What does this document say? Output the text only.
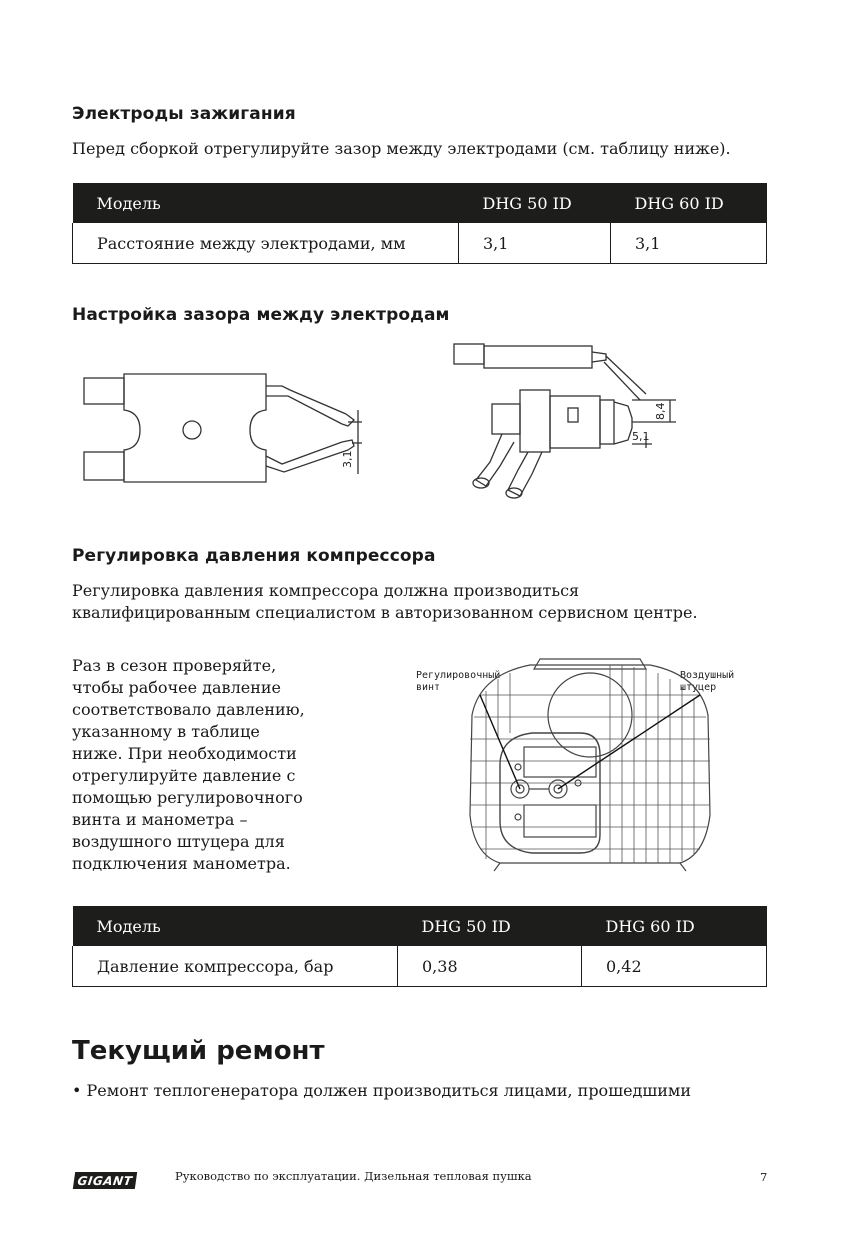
Электроды зажигания
Перед сборкой отрегулируйте зазор между электродами (см. таблицу ниже).
Модель	DHG 50 ID	DHG 60 ID
Расстояние между электродами, мм	3,1	3,1
Настройка зазора между электродам
3,1
8,4
5,1
Регулировка давления компрессора
Регулировка давления компрессора должна производиться
квалифицированным специалистом в авторизованном сервисном центре.
Раз в сезон проверяйте,
чтобы рабочее давление
соответствовало давлению,
указанному в таблице
ниже. При необходимости
отрегулируйте давление с
помощью регулировочного
винта и манометра –
воздушного штуцера для
подключения манометра.
Регулировочный
винт
Воздушный
штуцер
Модель	DHG 50 ID	DHG 60 ID
Давление компрессора, бар	0,38	0,42
Текущий ремонт
• Ремонт теплогенератора должен производиться лицами, прошедшими
GIGANT	Руководство по эксплуатации. Дизельная тепловая пушка	7
